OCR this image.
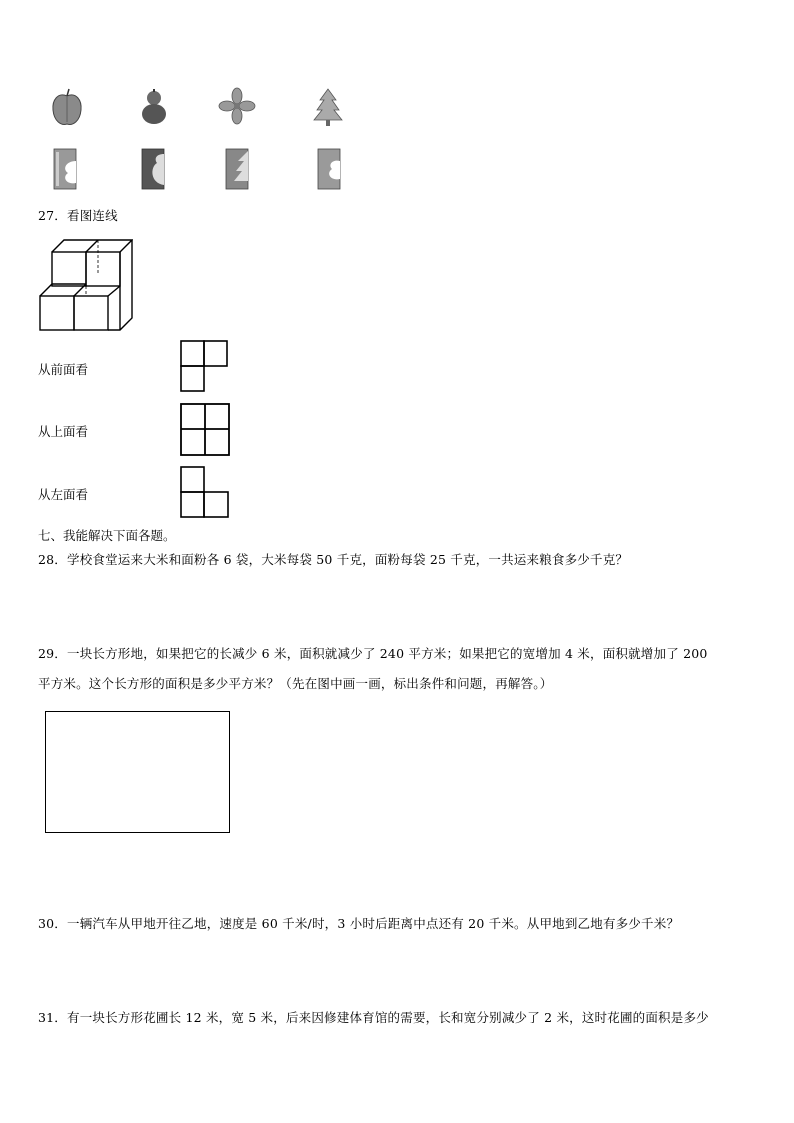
27．看图连线
从前面看
从上面看
从左面看
七、我能解决下面各题。
28．学校食堂运来大米和面粉各 6 袋，大米每袋 50 千克，面粉每袋 25 千克，一共运来粮食多少千克？
29．一块长方形地，如果把它的长减少 6 米，面积就减少了 240 平方米；如果把它的宽增加 4 米，面积就增加了 200
平方米。这个长方形的面积是多少平方米？（先在图中画一画，标出条件和问题，再解答。）
30．一辆汽车从甲地开往乙地，速度是 60 千米/时，3 小时后距离中点还有 20 千米。从甲地到乙地有多少千米？
31．有一块长方形花圃长 12 米，宽 5 米，后来因修建体育馆的需要，长和宽分别减少了 2 米，这时花圃的面积是多少
